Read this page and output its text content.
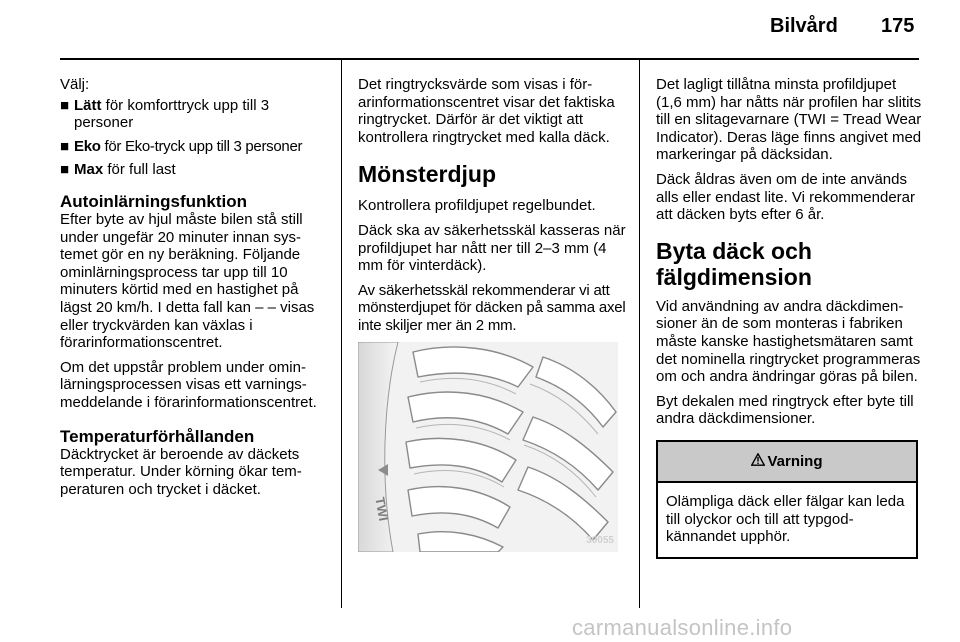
Bilvård 175

Välj:

■ Lätt för komforttryck upp till 3 personer
■ Eko för Eko-tryck upp till 3 personer
■ Max för full last
Autoinlärningsfunktion

Efter byte av hjul måste bilen stå still under ungefär 20 minuter innan systemet gör en ny beräkning. Följande ominlärningsprocess tar upp till 10 minuters körtid med en hastighet på lägst 20 km/h. I detta fall kan – – visas eller tryckvärden kan växlas i förarinformationscentret.

Om det uppstår problem under ominlärningsprocessen visas ett varningsmeddelande i förarinformationscentret.

Temperaturförhållanden

Däcktrycket är beroende av däckets temperatur. Under körning ökar temperaturen och trycket i däcket.

Det ringtrycksvärde som visas i förarinformationscentret visar det faktiska ringtrycket. Därför är det viktigt att kontrollera ringtrycket med kalla däck.

Mönsterdjup

Kontrollera profildjupet regelbundet.

Däck ska av säkerhetsskäl kasseras när profildjupet har nått ner till 2–3 mm (4 mm för vinterdäck).

Av säkerhetsskäl rekommenderar vi att mönsterdjupet för däcken på samma axel inte skiljer mer än 2 mm.

TWI
30055

Det lagligt tillåtna minsta profildjupet (1,6 mm) har nåtts när profilen har slitits till en slitagevarnare (TWI = Tread Wear Indicator). Deras läge finns angivet med markeringar på däcksidan.

Däck åldras även om de inte används alls eller endast lite. Vi rekommenderar att däcken byts efter 6 år.

Byta däck och fälgdimension

Vid användning av andra däckdimensioner än de som monteras i fabriken måste kanske hastighetsmätaren samt det nominella ringtrycket programmeras om och andra ändringar göras på bilen.

Byt dekalen med ringtryck efter byte till andra däckdimensioner.

Varning
Olämpliga däck eller fälgar kan leda till olyckor och till att typgodkännandet upphör.
carmanualsonline.info
